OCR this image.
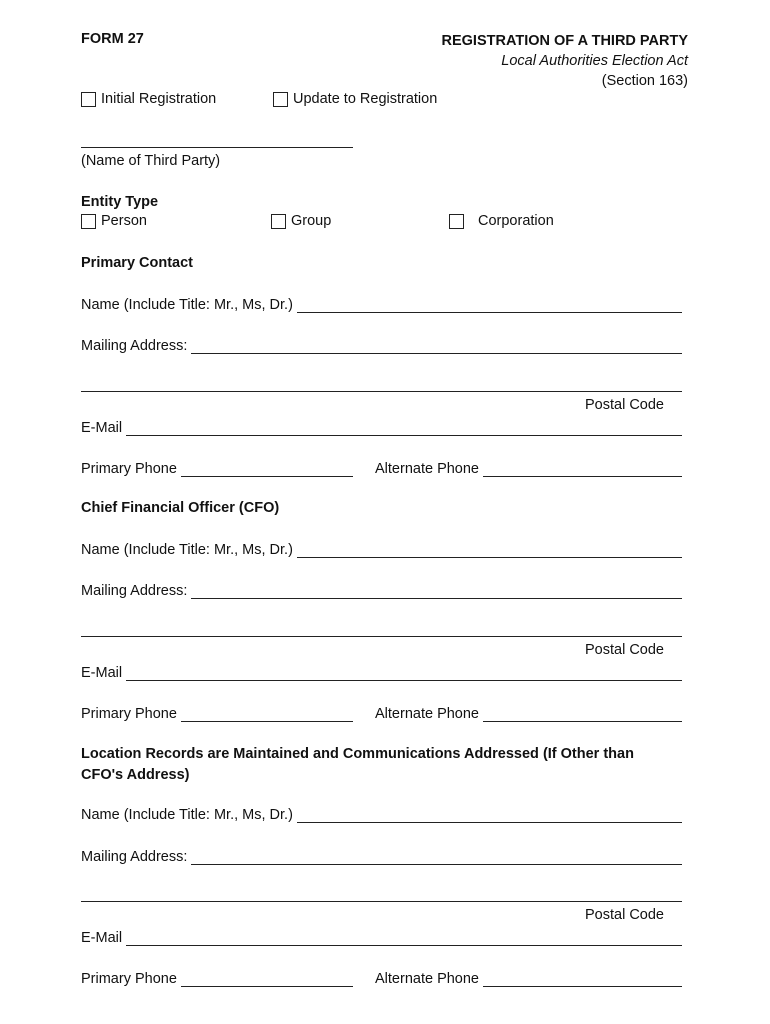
FORM 27	REGISTRATION OF A THIRD PARTY
Local Authorities Election Act
(Section 163)
Initial Registration	Update to Registration
(Name of Third Party)
Entity Type
Person	Group	Corporation
Primary Contact
Name (Include Title: Mr., Ms, Dr.)
Mailing Address:
Postal Code
E-Mail
Primary Phone	Alternate Phone
Chief Financial Officer (CFO)
Name (Include Title: Mr., Ms, Dr.)
Mailing Address:
Postal Code
E-Mail
Primary Phone	Alternate Phone
Location Records are Maintained and Communications Addressed (If Other than
CFO's Address)
Name (Include Title: Mr., Ms, Dr.)
Mailing Address:
Postal Code
E-Mail
Primary Phone	Alternate Phone
